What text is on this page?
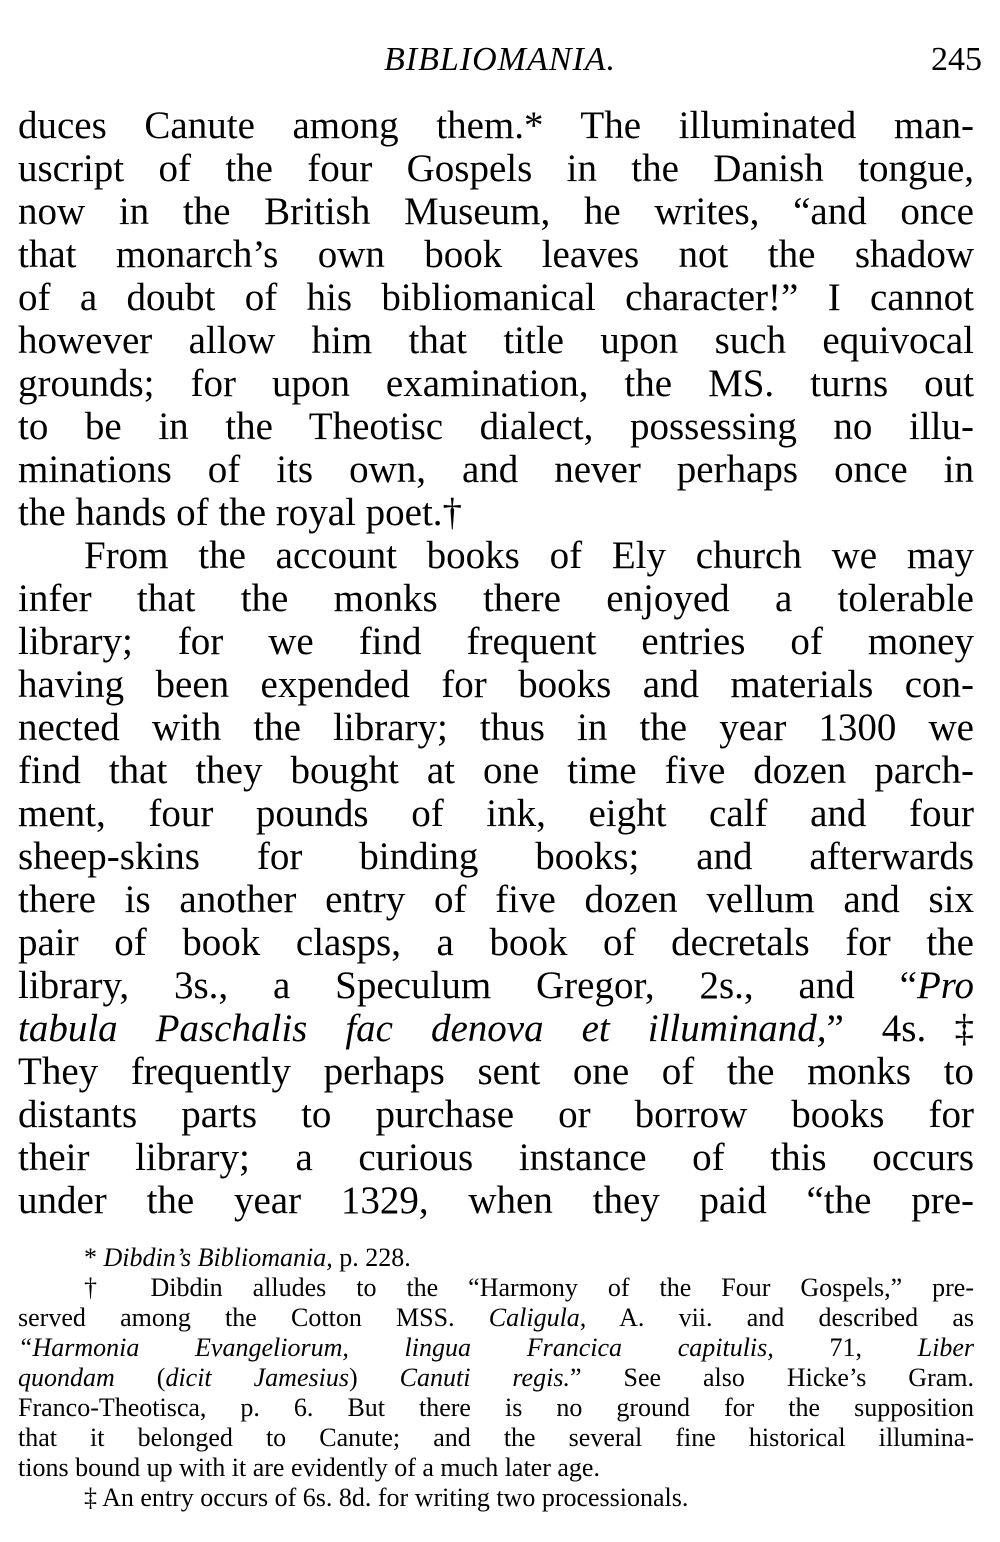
BIBLIOMANIA.	245
duces Canute among them.* The illuminated man-
uscript of the four Gospels in the Danish tongue,
now in the British Museum, he writes, “and once
that monarch’s own book leaves not the shadow
of a doubt of his bibliomanical character!” I cannot
however allow him that title upon such equivocal
grounds; for upon examination, the MS. turns out
to be in the Theotisc dialect, possessing no illu-
minations of its own, and never perhaps once in
the hands of the royal poet.†
From the account books of Ely church we may
infer that the monks there enjoyed a tolerable
library; for we find frequent entries of money
having been expended for books and materials con-
nected with the library; thus in the year 1300 we
find that they bought at one time five dozen parch-
ment, four pounds of ink, eight calf and four
sheep-skins for binding books; and afterwards
there is another entry of five dozen vellum and six
pair of book clasps, a book of decretals for the
library, 3s., a Speculum Gregor, 2s., and “Pro
tabula Paschalis fac denova et illuminand,” 4s.‡
They frequently perhaps sent one of the monks to
distants parts to purchase or borrow books for
their library; a curious instance of this occurs
under the year 1329, when they paid “the pre-
* Dibdin’s Bibliomania, p. 228.
† Dibdin alludes to the “Harmony of the Four Gospels,” pre-
served among the Cotton MSS. Caligula, A. vii. and described as
“Harmonia Evangeliorum, lingua Francica capitulis, 71, Liber
quondam (dicit Jamesius) Canuti regis.” See also Hicke’s Gram.
Franco-Theotisca, p. 6. But there is no ground for the supposition
that it belonged to Canute; and the several fine historical illumina-
tions bound up with it are evidently of a much later age.
‡ An entry occurs of 6s. 8d. for writing two processionals.
